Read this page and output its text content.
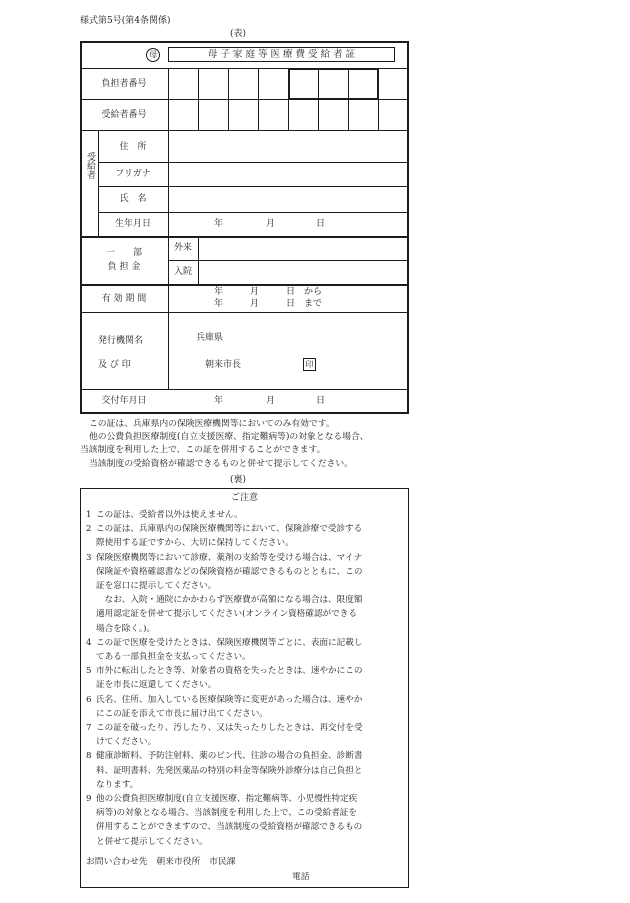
様式第5号(第4条関係)
(表)
母	母 子 家 庭 等 医 療 費 受 給 者 証
負担者番号
受給者番号
受給者
住　所
フリガナ
氏　名
生年月日	年	月	日
一　　部
負 担 金
外来
入院
有 効 期 間
年　　　月　　　日　から
年　　　月　　　日　まで
発行機関名
及 び 印
兵庫県
朝来市長	印
交付年月日	年	月	日
この証は、兵庫県内の保険医療機関等においてのみ有効です。
他の公費負担医療制度(自立支援医療、指定難病等)の対象となる場合、
当該制度を利用した上で、この証を併用することができます。
当該制度の受給資格が確認できるものと併せて提示してください。
(裏)
ご注意
1 この証は、受給者以外は使えません。
2 この証は、兵庫県内の保険医療機関等において、保険診療で受診する
際使用する証ですから、大切に保持してください。
3 保険医療機関等において診療、薬剤の支給等を受ける場合は、マイナ
保険証や資格確認書などの保険資格が確認できるものとともに、この
証を窓口に提示してください。
　なお、入院・通院にかかわらず医療費が高額になる場合は、限度額
適用認定証を併せて提示してください(オンライン資格確認ができる
場合を除く。)。
4 この証で医療を受けたときは、保険医療機関等ごとに、表面に記載し
てある一部負担金を支払ってください。
5 市外に転出したとき等、対象者の資格を失ったときは、速やかにこの
証を市長に返還してください。
6 氏名、住所、加入している医療保険等に変更があった場合は、速やか
にこの証を添えて市長に届け出てください。
7 この証を破ったり、汚したり、又は失ったりしたときは、再交付を受
けてください。
8 健康診断料、予防注射料、薬のビン代、往診の場合の負担金、診断書
料、証明書料、先発医薬品の特別の料金等保険外診療分は自己負担と
なります。
9 他の公費負担医療制度(自立支援医療、指定難病等、小児慢性特定疾
病等)の対象となる場合、当該制度を利用した上で、この受給者証を
併用することができますので、当該制度の受給資格が確認できるもの
と併せて提示してください。
お問い合わせ先　朝来市役所　市民課
電話
